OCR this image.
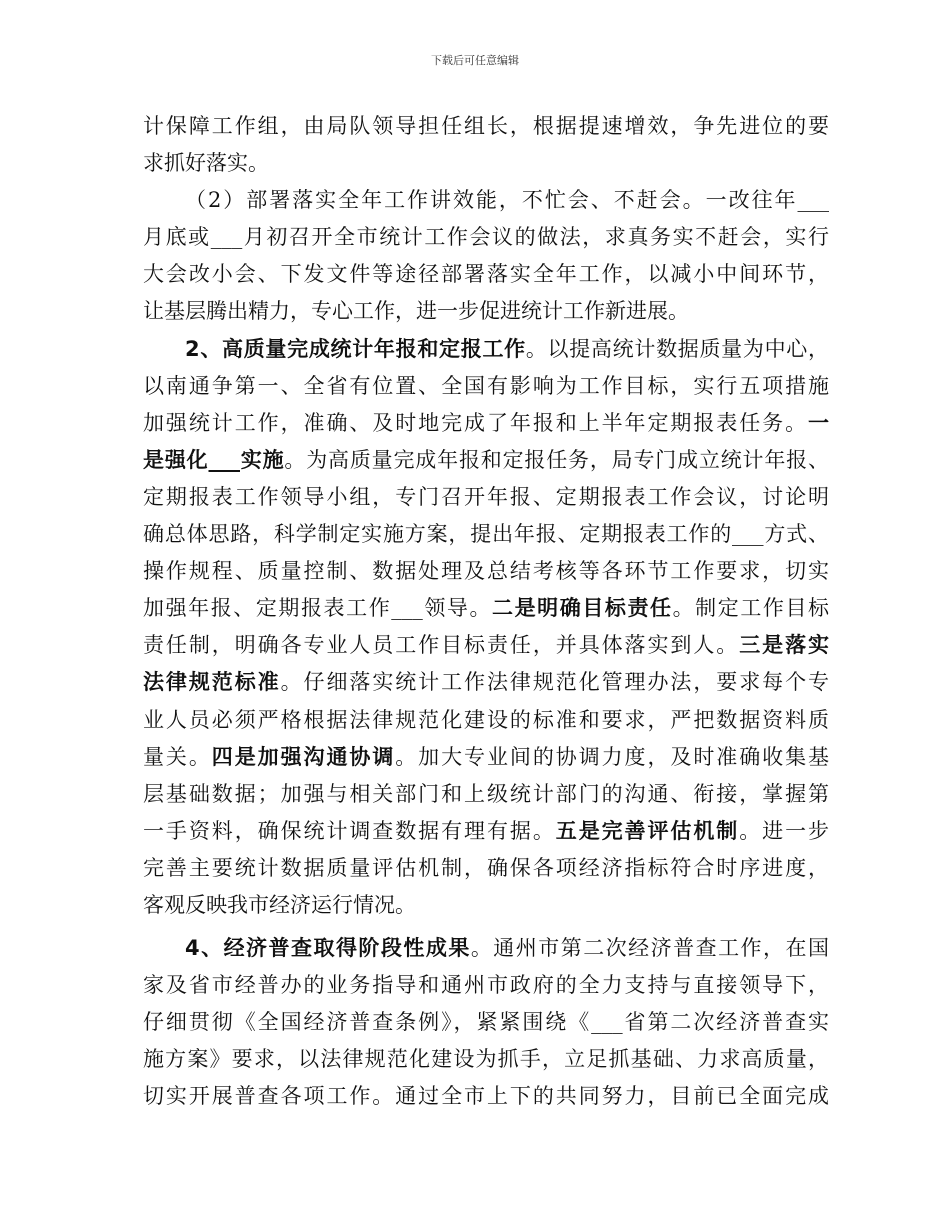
下载后可任意编辑
计保障工作组，由局队领导担任组长，根据提速增效，争先进位的要
求抓好落实。
（2）部署落实全年工作讲效能，不忙会、不赶会。一改往年___
月底或___月初召开全市统计工作会议的做法，求真务实不赶会，实行
大会改小会、下发文件等途径部署落实全年工作，以减小中间环节，
让基层腾出精力，专心工作，进一步促进统计工作新进展。
2、高质量完成统计年报和定报工作。以提高统计数据质量为中心，
以南通争第一、全省有位置、全国有影响为工作目标，实行五项措施
加强统计工作，准确、及时地完成了年报和上半年定期报表任务。一
是强化___实施。为高质量完成年报和定报任务，局专门成立统计年报、
定期报表工作领导小组，专门召开年报、定期报表工作会议，讨论明
确总体思路，科学制定实施方案，提出年报、定期报表工作的___方式、
操作规程、质量控制、数据处理及总结考核等各环节工作要求，切实
加强年报、定期报表工作___领导。二是明确目标责任。制定工作目标
责任制，明确各专业人员工作目标责任，并具体落实到人。三是落实
法律规范标准。仔细落实统计工作法律规范化管理办法，要求每个专
业人员必须严格根据法律规范化建设的标准和要求，严把数据资料质
量关。四是加强沟通协调。加大专业间的协调力度，及时准确收集基
层基础数据；加强与相关部门和上级统计部门的沟通、衔接，掌握第
一手资料，确保统计调查数据有理有据。五是完善评估机制。进一步
完善主要统计数据质量评估机制，确保各项经济指标符合时序进度，
客观反映我市经济运行情况。
4、经济普查取得阶段性成果。通州市第二次经济普查工作，在国
家及省市经普办的业务指导和通州市政府的全力支持与直接领导下，
仔细贯彻《全国经济普查条例》，紧紧围绕《___省第二次经济普查实
施方案》要求，以法律规范化建设为抓手，立足抓基础、力求高质量，
切实开展普查各项工作。通过全市上下的共同努力，目前已全面完成
